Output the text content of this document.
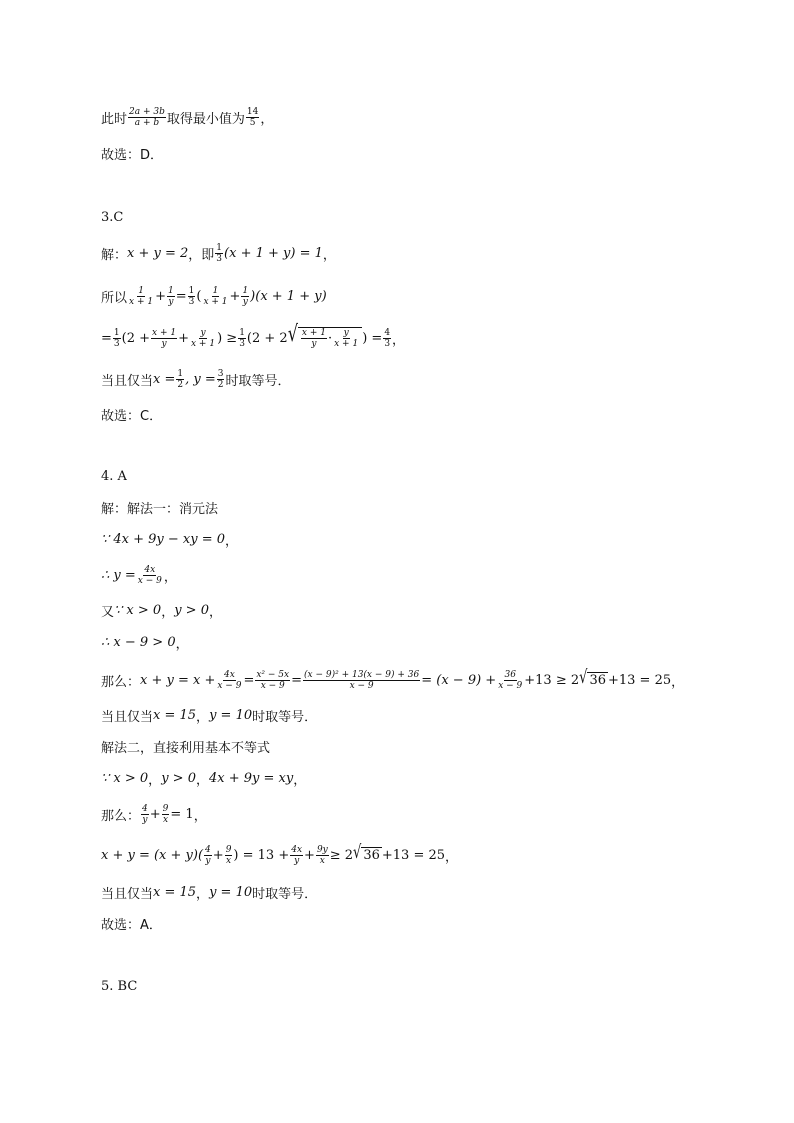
此时 $\frac{2a + 3b}{a + b}$ 取得最小值为 $\frac{14}{5}$ ，
故选：D．
3.C
解： x + y = 2 ，即 $\frac{1}{3} (x + 1 + y) = 1$ ，
所以 $\frac{1}{x + 1} + \frac{1}{y} = \frac{1}{3}$ ( $\frac{1}{x + 1} + \frac{1}{y} )(x + 1 + y)$
= $\frac{1}{3} (2 + \frac{x + 1}{y} + \frac{y}{x + 1}$ ) ≥ $\frac{1}{3} (2 + 2$ √ $\frac{x + 1}{y} \cdot \frac{y}{x + 1}$ ) = $\frac{4}{3}$ ，
当且仅当 $x = \frac{1}{2}$ , $y = \frac{3}{2}$ 时取等号．
故选：C．
4. A
解：解法一：消元法
∵ 4x + 9y − xy = 0 ，
∴ $y = \frac{4x}{x - 9}$ ，
又 ∵ x > 0 ， y > 0 ，
∴ x − 9 > 0 ，
那么： $x + y = x + \frac{4x}{x - 9} = \frac{\text{x² − 5x}}{x - 9} = \frac{\text{(x − 9)² + 13(x − 9) + 36}}{x - 9} = (x - 9) + \frac{36}{x - 9} +13 \ge 2$ √ 36 +13 = 25 ，
当且仅当 x = 15 ， y = 10 时取等号．
解法二，直接利用基本不等式
∵ x > 0 ， y > 0 ， 4x + 9y = xy ，
那么： $\frac{4}{y} + \frac{9}{x} = 1$ ，
$x + y = (x + y)( \frac{4}{y} + \frac{9}{x}$ ) = $13 + \frac{4x}{y} + \frac{9y}{x} \ge 2$ √ 36 +13 = 25 ，
当且仅当 x = 15 ， y = 10 时取等号．
故选：A．
5. BC
